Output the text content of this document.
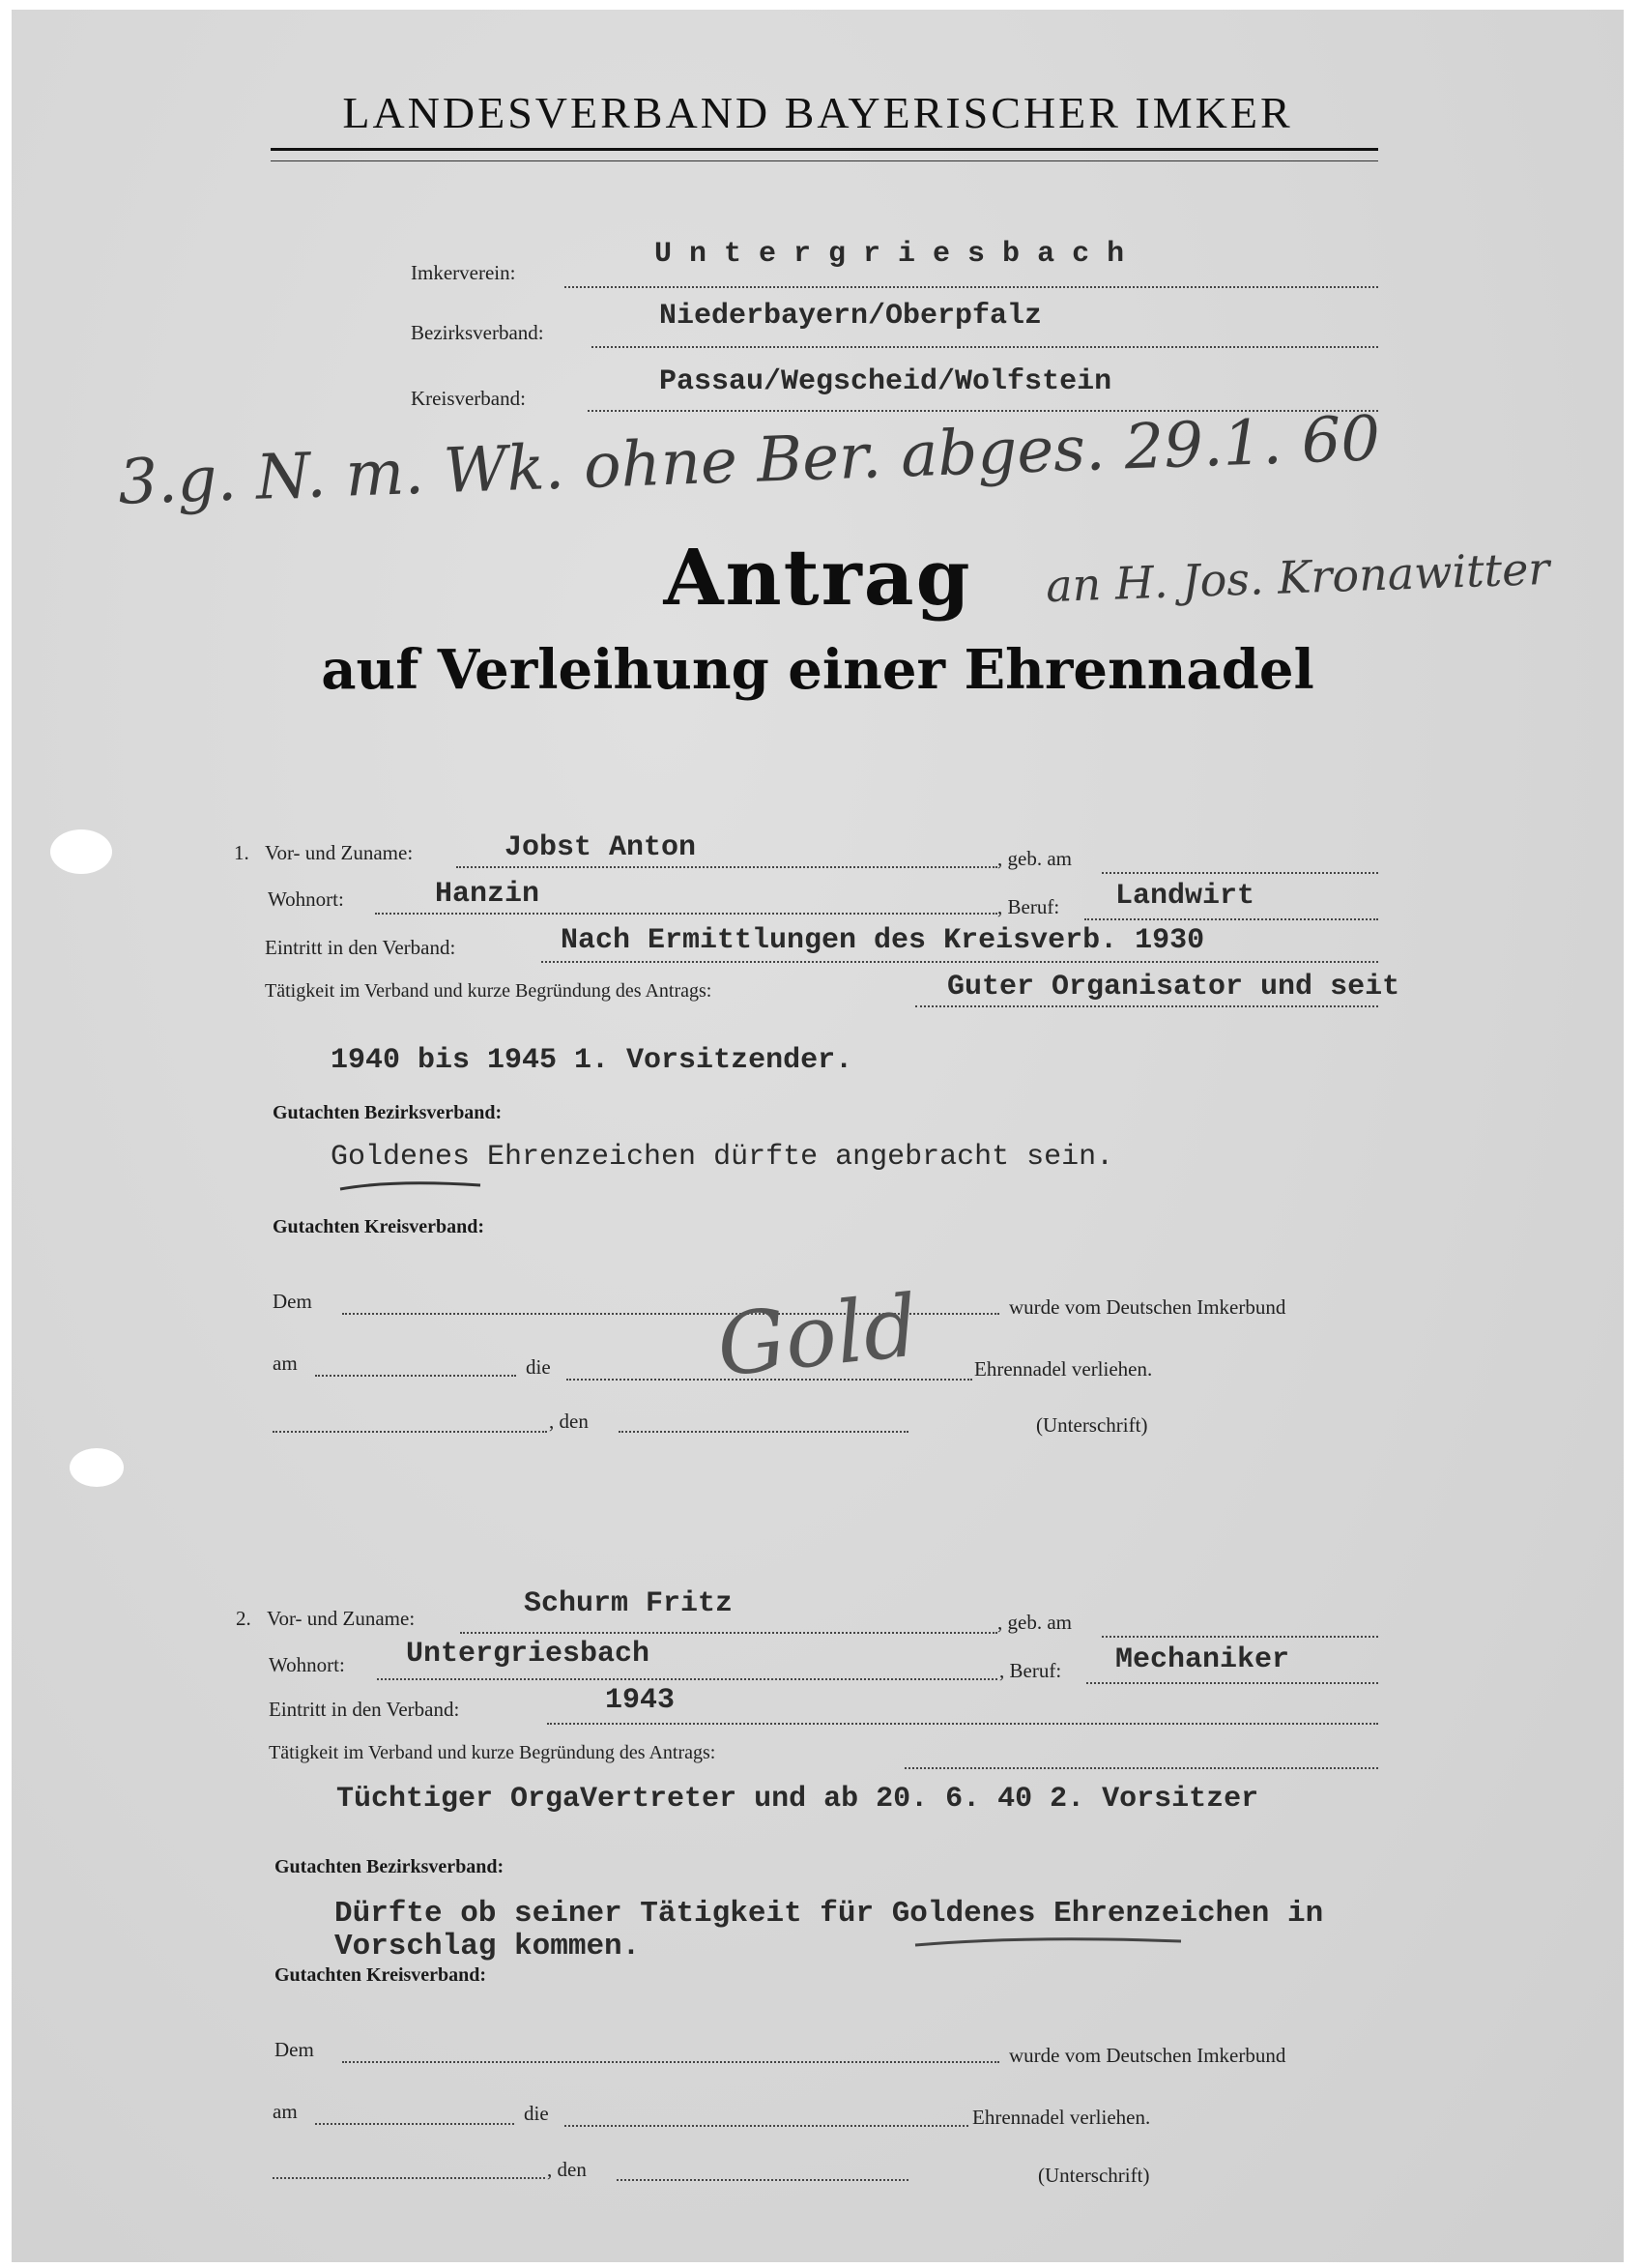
LANDESVERBAND BAYERISCHER IMKER
Imkerverein:
U n t e r g r i e s b a c h
Bezirksverband:	Niederbayern/Oberpfalz
Kreisverband:	Passau/Wegscheid/Wolfstein
3.g. N. m. Wk. ohne Ber. abges. 29.1. 60
Antrag	an H. Jos. Kronawitter
auf Verleihung einer Ehrennadel
1. Vor- und Zuname:	Jobst Anton	, geb. am
Wohnort:	Hanzin	, Beruf: Landwirt
Eintritt in den Verband:	Nach Ermittlungen des Kreisverb. 1930
Tätigkeit im Verband und kurze Begründung des Antrags:	Guter Organisator und seit
1940 bis 1945 1. Vorsitzender.
Gutachten Bezirksverband:
Goldenes Ehrenzeichen dürfte angebracht sein.
Gutachten Kreisverband:
Dem	wurde vom Deutschen Imkerbund
am	die	Ehrennadel verliehen.
, den	(Unterschrift)
Gold
2. Vor- und Zuname:	Schurm Fritz
, geb. am
Wohnort: Untergriesbach	, Beruf: Mechaniker
Eintritt in den Verband:	1943
Tätigkeit im Verband und kurze Begründung des Antrags:
Tüchtiger OrgaVertreter und ab 20. 6. 40 2. Vorsitzer
Gutachten Bezirksverband:
Dürfte ob seiner Tätigkeit für Goldenes Ehrenzeichen in
Vorschlag kommen.
Gutachten Kreisverband:
Dem	wurde vom Deutschen Imkerbund
am	die	Ehrennadel verliehen.
, den	(Unterschrift)
